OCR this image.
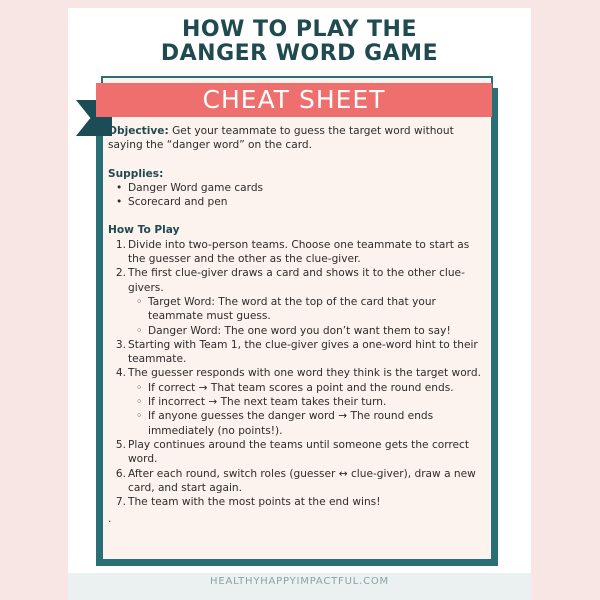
HOW TO PLAY THE
DANGER WORD GAME
CHEAT SHEET
Objective: Get your teammate to guess the target word without saying the “danger word” on the card.
Supplies:
• Danger Word game cards
• Scorecard and pen
How To Play
1. Divide into two-person teams. Choose one teammate to start as the guesser and the other as the clue-giver.
2. The first clue-giver draws a card and shows it to the other clue-givers.
◦ Target Word: The word at the top of the card that your teammate must guess.
◦ Danger Word: The one word you don’t want them to say!
3. Starting with Team 1, the clue-giver gives a one-word hint to their teammate.
4. The guesser responds with one word they think is the target word.
◦ If correct → That team scores a point and the round ends.
◦ If incorrect → The next team takes their turn.
◦ If anyone guesses the danger word → The round ends immediately (no points!).
5. Play continues around the teams until someone gets the correct word.
6. After each round, switch roles (guesser ↔ clue-giver), draw a new card, and start again.
7. The team with the most points at the end wins!
.
HEALTHYHAPPYIMPACTFUL.COM
